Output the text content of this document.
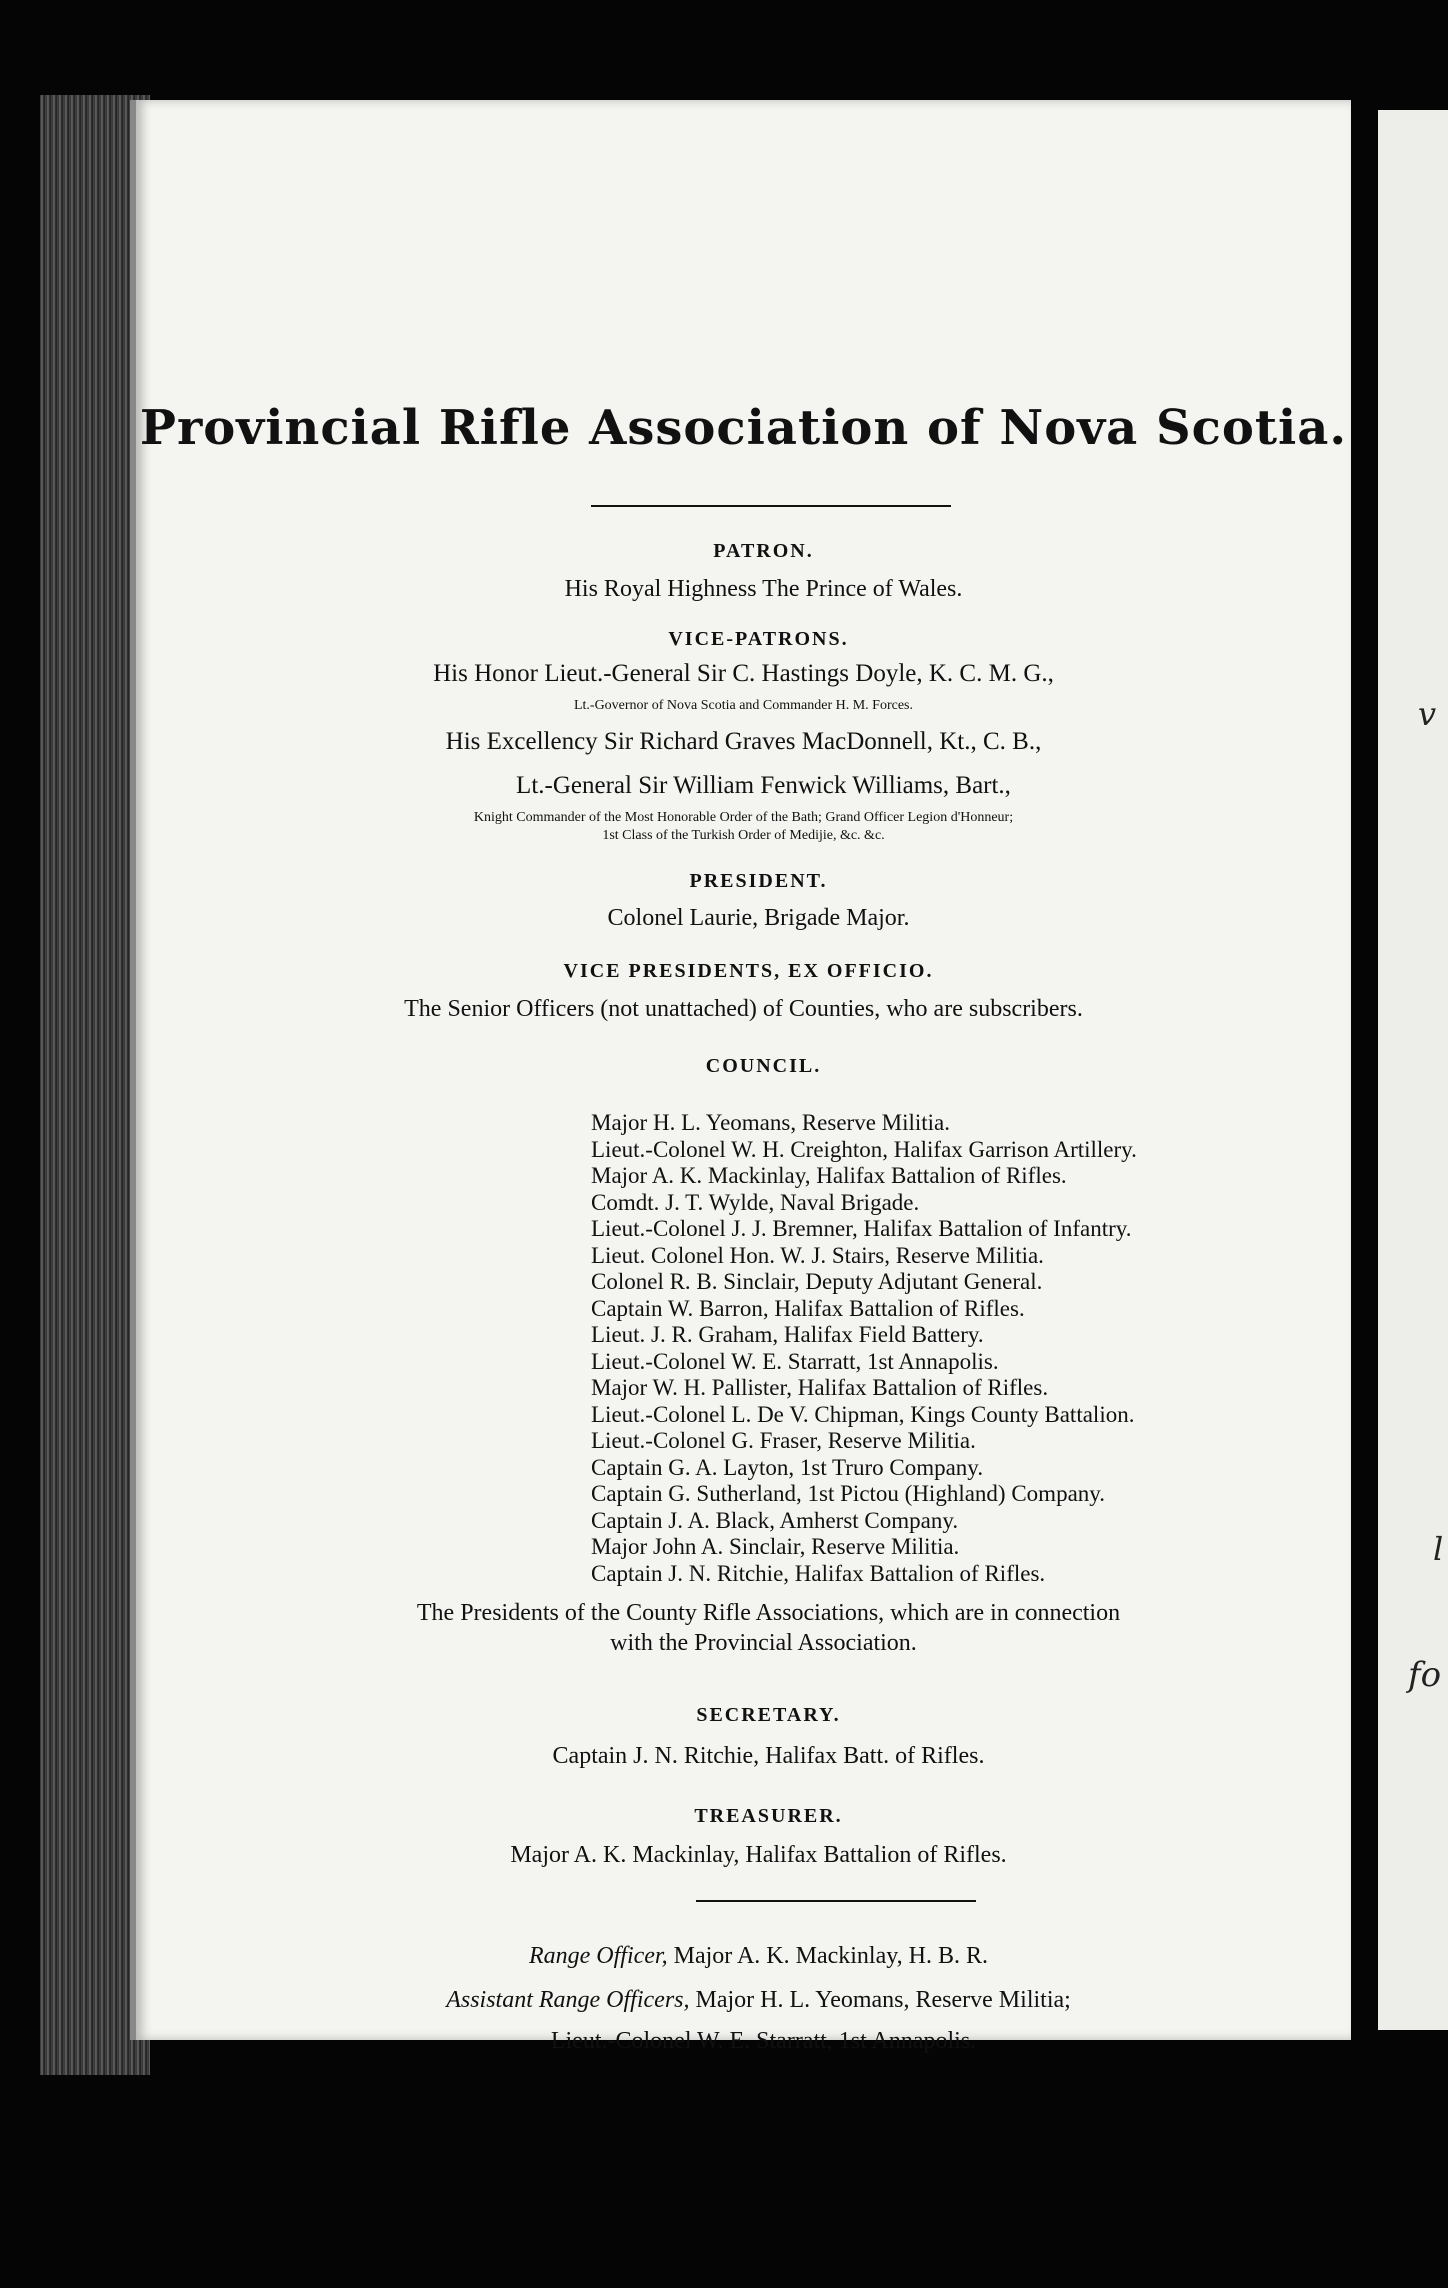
v
l
fo
Provincial Rifle Association of Nova Scotia.
PATRON.
His Royal Highness The Prince of Wales.
VICE-PATRONS.
His Honor Lieut.-General Sir C. Hastings Doyle, K. C. M. G.,
Lt.-Governor of Nova Scotia and Commander H. M. Forces.
His Excellency Sir Richard Graves MacDonnell, Kt., C. B.,
Lt.-General Sir William Fenwick Williams, Bart.,
Knight Commander of the Most Honorable Order of the Bath; Grand Officer Legion d'Honneur;
1st Class of the Turkish Order of Medijie, &c. &c.
PRESIDENT.
Colonel Laurie, Brigade Major.
VICE PRESIDENTS, EX OFFICIO.
The Senior Officers (not unattached) of Counties, who are subscribers.
COUNCIL.
Major H. L. Yeomans, Reserve Militia.
Lieut.-Colonel W. H. Creighton, Halifax Garrison Artillery.
Major A. K. Mackinlay, Halifax Battalion of Rifles.
Comdt. J. T. Wylde, Naval Brigade.
Lieut.-Colonel J. J. Bremner, Halifax Battalion of Infantry.
Lieut. Colonel Hon. W. J. Stairs, Reserve Militia.
Colonel R. B. Sinclair, Deputy Adjutant General.
Captain W. Barron, Halifax Battalion of Rifles.
Lieut. J. R. Graham, Halifax Field Battery.
Lieut.-Colonel W. E. Starratt, 1st Annapolis.
Major W. H. Pallister, Halifax Battalion of Rifles.
Lieut.-Colonel L. De V. Chipman, Kings County Battalion.
Lieut.-Colonel G. Fraser, Reserve Militia.
Captain G. A. Layton, 1st Truro Company.
Captain G. Sutherland, 1st Pictou (Highland) Company.
Captain J. A. Black, Amherst Company.
Major John A. Sinclair, Reserve Militia.
Captain J. N. Ritchie, Halifax Battalion of Rifles.
The Presidents of the County Rifle Associations, which are in connection
with the Provincial Association.
SECRETARY.
Captain J. N. Ritchie, Halifax Batt. of Rifles.
TREASURER.
Major A. K. Mackinlay, Halifax Battalion of Rifles.
Range Officer, Major A. K. Mackinlay, H. B. R.
Assistant Range Officers, Major H. L. Yeomans, Reserve Militia;
Lieut.-Colonel W. E. Starratt, 1st Annapolis.
